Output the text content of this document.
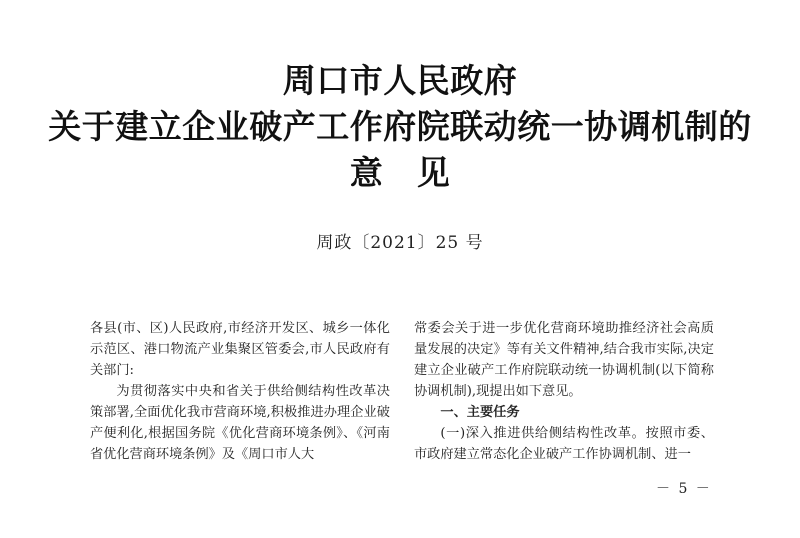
周口市人民政府
关于建立企业破产工作府院联动统一协调机制的
意　见
周政〔2021〕25 号

各县(市、区)人民政府,市经济开发区、城乡一体化示范区、港口物流产业集聚区管委会,市人民政府有关部门:

为贯彻落实中央和省关于供给侧结构性改革决策部署,全面优化我市营商环境,积极推进办理企业破产便利化,根据国务院《优化营商环境条例》、《河南省优化营商环境条例》及《周口市人大

常委会关于进一步优化营商环境助推经济社会高质量发展的决定》等有关文件精神,结合我市实际,决定建立企业破产工作府院联动统一协调机制(以下简称协调机制),现提出如下意见。

一、主要任务

(一)深入推进供给侧结构性改革。按照市委、市政府建立常态化企业破产工作协调机制、进一

－ 5 －
